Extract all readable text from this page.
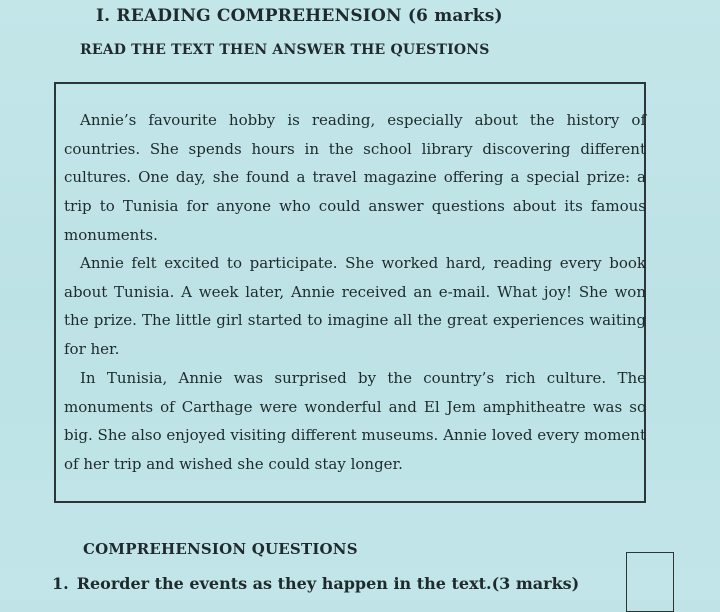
I. READING COMPREHENSION (6 marks)
READ THE TEXT THEN ANSWER THE QUESTIONS

Annie’s favourite hobby is reading, especially about the history of countries. She spends hours in the school library discovering different cultures. One day, she found a travel magazine offering a special prize: a trip to Tunisia for anyone who could answer questions about its famous monuments.

Annie felt excited to participate. She worked hard, reading every book about Tunisia. A week later, Annie received an e-mail. What joy! She won the prize. The little girl started to imagine all the great experiences waiting for her.

In Tunisia, Annie was surprised by the country’s rich culture. The monuments of Carthage were wonderful and El Jem amphitheatre was so big. She also enjoyed visiting different museums. Annie loved every moment of her trip and wished she could stay longer.

COMPREHENSION QUESTIONS
1. Reorder the events as they happen in the text.(3 marks)
